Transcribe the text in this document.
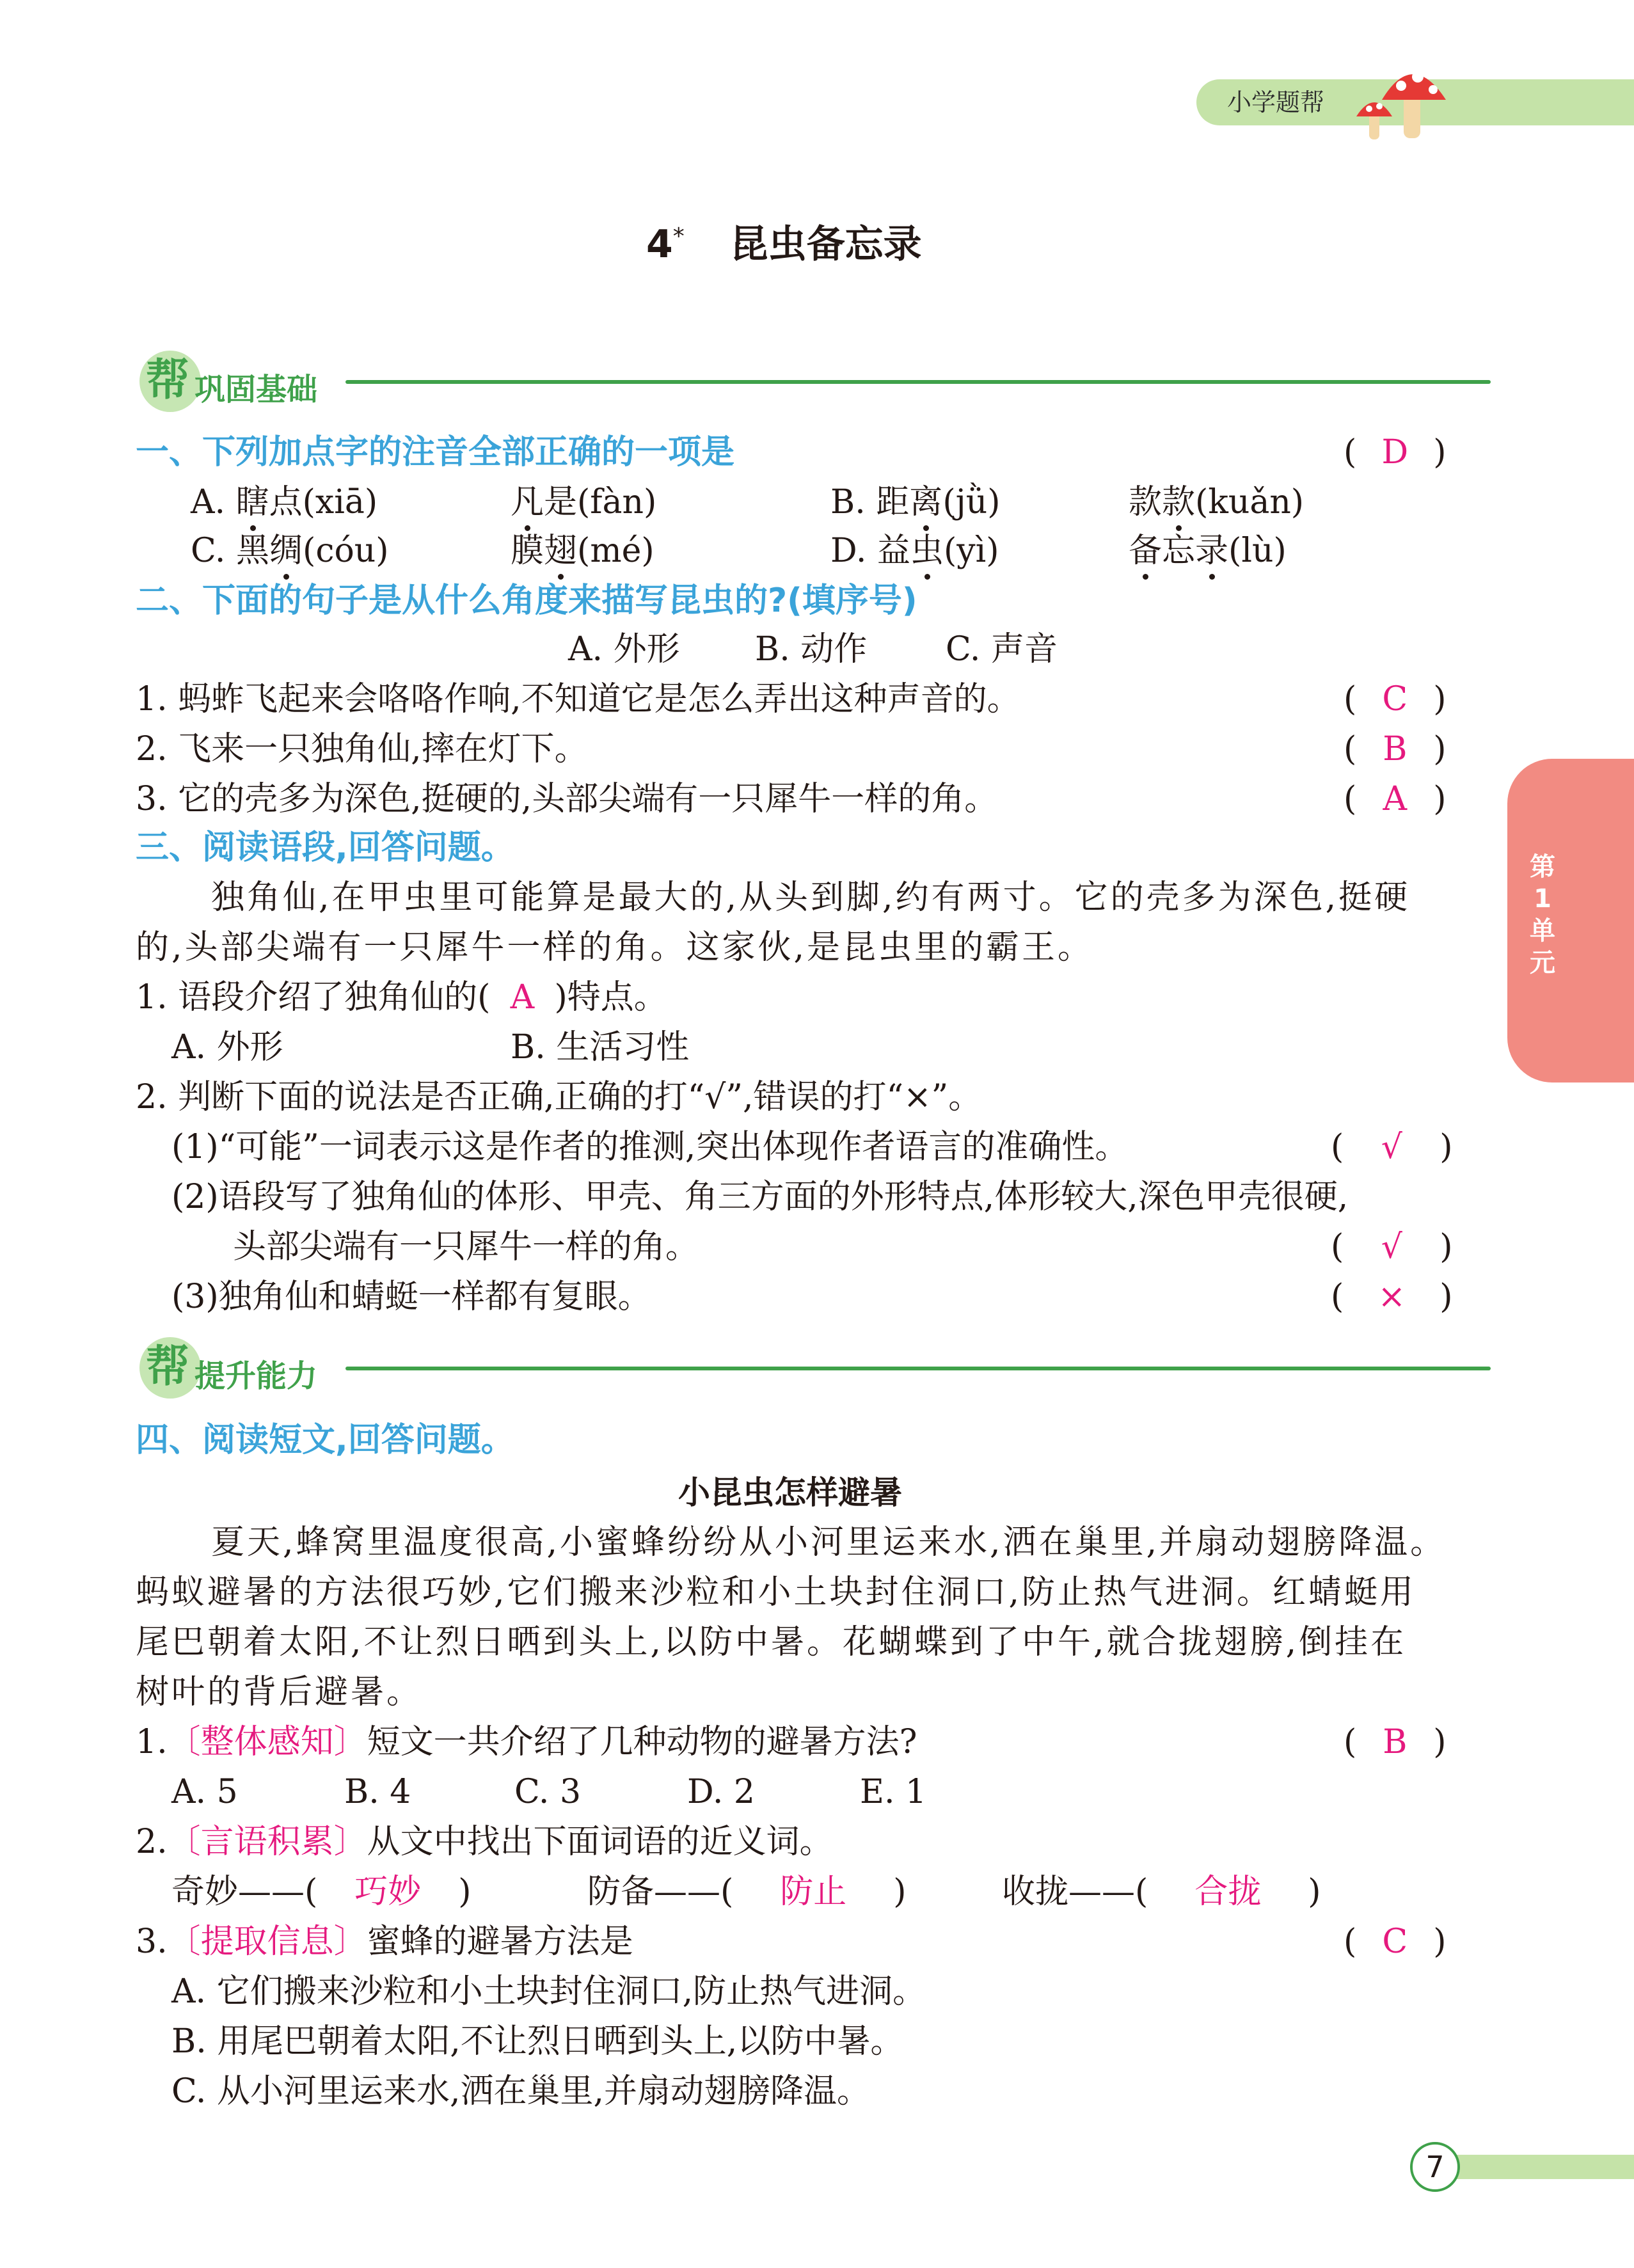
小学题帮
4* 昆虫备忘录
第
1
单
元
帮 巩固基础
一、下列加点字的注音全部正确的一项是	( D )
A. 瞎点(xiā)	凡是(fàn)	B. 距离(jǜ)	款款(kuǎn)
C. 黑绸(cóu)	膜翅(mé)	D. 益虫(yì)	备忘录(lù)
二、下面的句子是从什么角度来描写昆虫的?(填序号)
A. 外形 B. 动作 C. 声音
1. 蚂蚱飞起来会咯咯作响,不知道它是怎么弄出这种声音的。	( C )
2. 飞来一只独角仙,摔在灯下。	( B )
3. 它的壳多为深色,挺硬的,头部尖端有一只犀牛一样的角。	( A )
三、阅读语段,回答问题。
独角仙,在甲虫里可能算是最大的,从头到脚,约有两寸。它的壳多为深色,挺硬
的,头部尖端有一只犀牛一样的角。这家伙,是昆虫里的霸王。
1. 语段介绍了独角仙的( A )特点。
A. 外形	B. 生活习性
2. 判断下面的说法是否正确,正确的打“√”,错误的打“×”。
(1)“可能”一词表示这是作者的推测,突出体现作者语言的准确性。	( √ )
(2)语段写了独角仙的体形、甲壳、角三方面的外形特点,体形较大,深色甲壳很硬,
头部尖端有一只犀牛一样的角。	( √ )
(3)独角仙和蜻蜓一样都有复眼。	( × )
帮 提升能力
四、阅读短文,回答问题。
小昆虫怎样避暑
夏天,蜂窝里温度很高,小蜜蜂纷纷从小河里运来水,洒在巢里,并扇动翅膀降温。
蚂蚁避暑的方法很巧妙,它们搬来沙粒和小土块封住洞口,防止热气进洞。红蜻蜓用
尾巴朝着太阳,不让烈日晒到头上,以防中暑。花蝴蝶到了中午,就合拢翅膀,倒挂在
树叶的背后避暑。
1.〔整体感知〕短文一共介绍了几种动物的避暑方法?	( B )
A. 5	B. 4	C. 3	D. 2	E. 1
2.〔言语积累〕从文中找出下面词语的近义词。
奇妙——( 巧妙 )	防备——( 防止 )	收拢——( 合拢 )
3.〔提取信息〕蜜蜂的避暑方法是	( C )
A. 它们搬来沙粒和小土块封住洞口,防止热气进洞。
B. 用尾巴朝着太阳,不让烈日晒到头上,以防中暑。
C. 从小河里运来水,洒在巢里,并扇动翅膀降温。
7
